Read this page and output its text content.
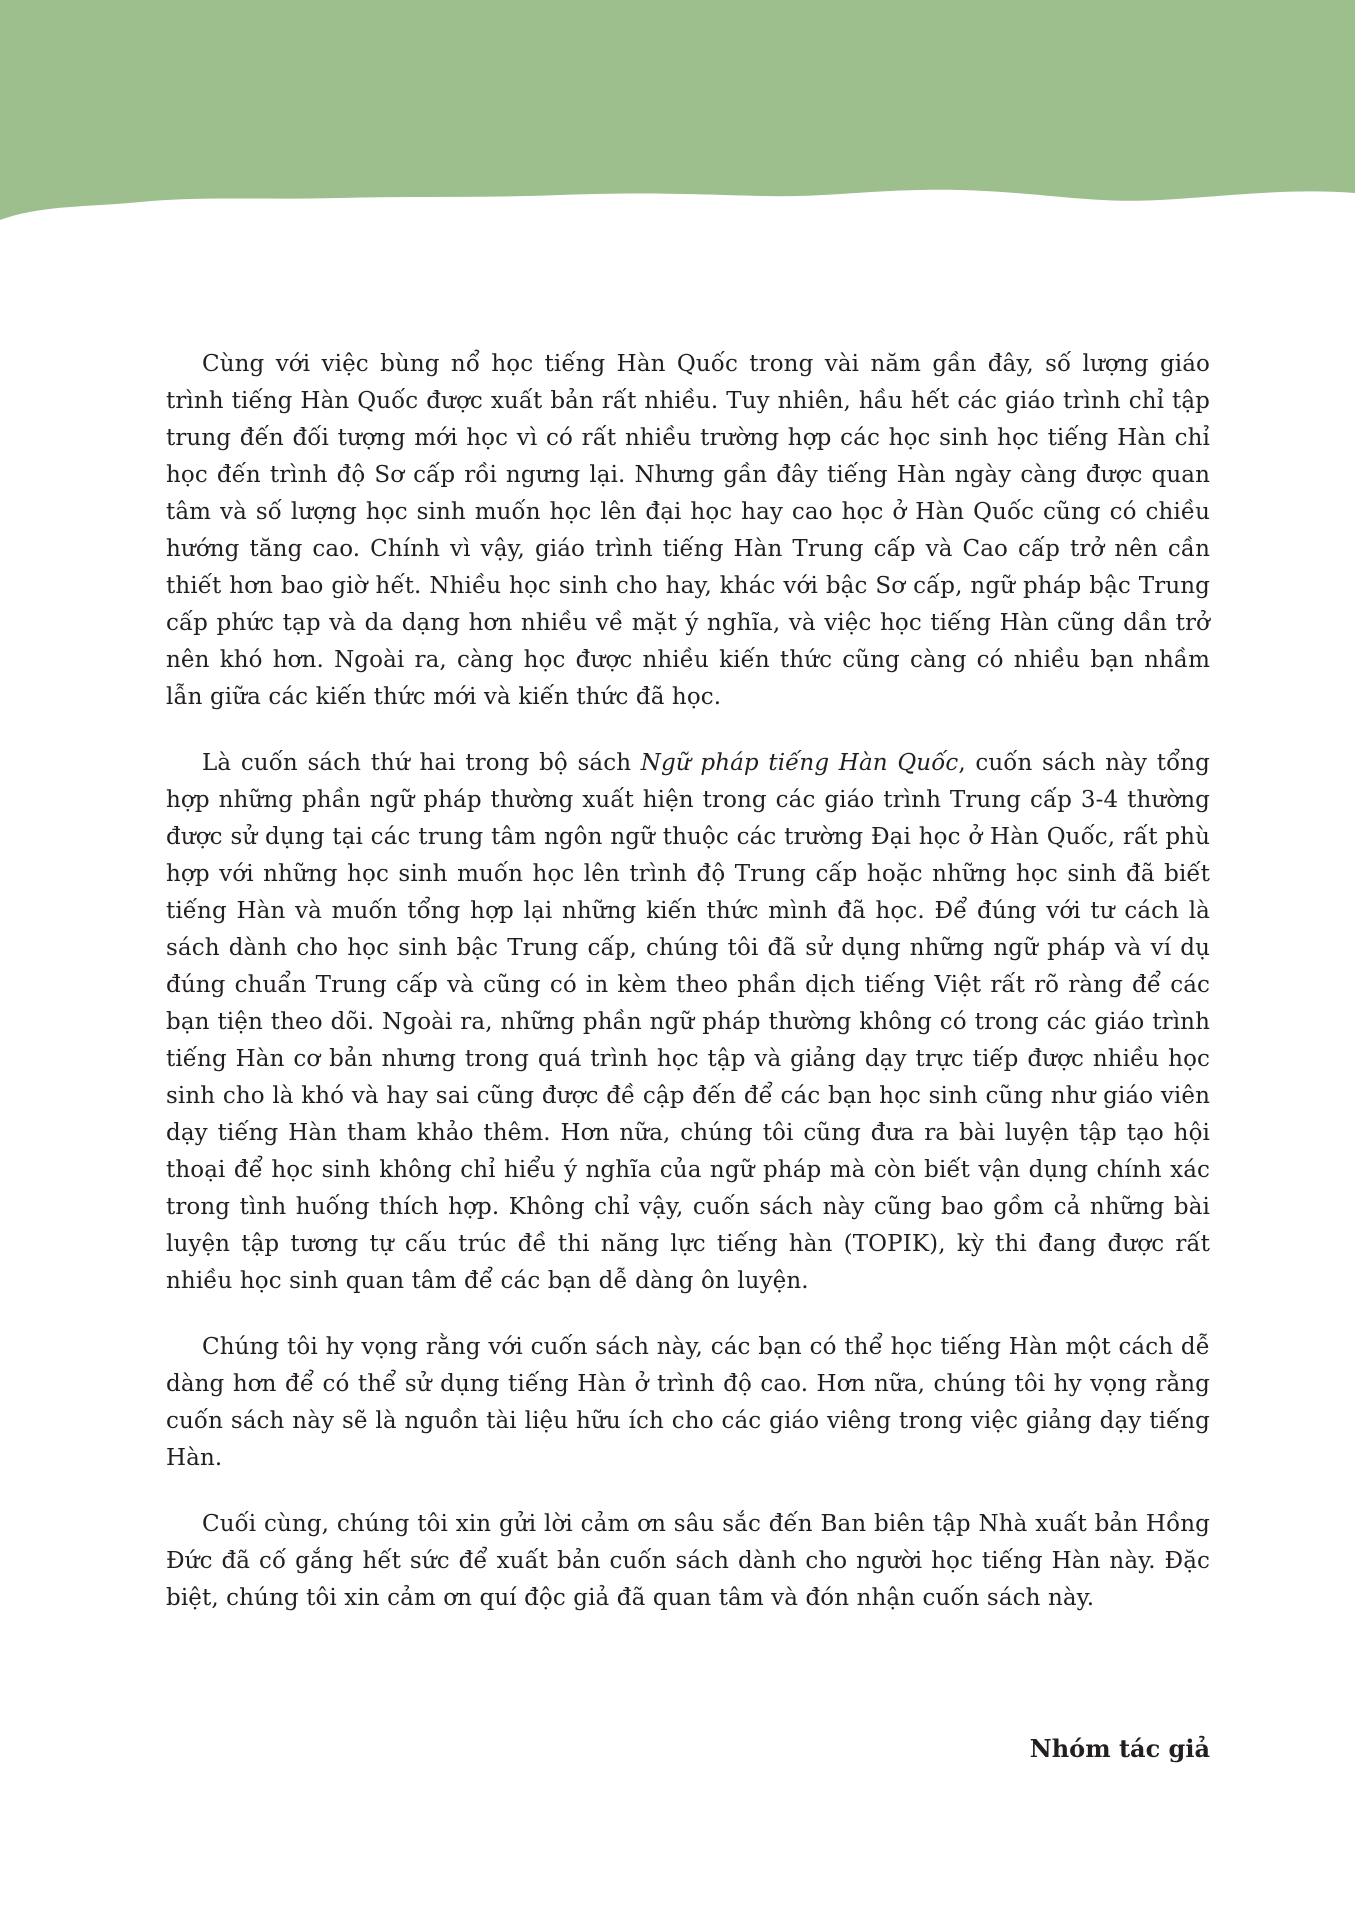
Cùng với việc bùng nổ học tiếng Hàn Quốc trong vài năm gần đây, số lượng giáo trình tiếng Hàn Quốc được xuất bản rất nhiều. Tuy nhiên, hầu hết các giáo trình chỉ tập trung đến đối tượng mới học vì có rất nhiều trường hợp các học sinh học tiếng Hàn chỉ học đến trình độ Sơ cấp rồi ngưng lại. Nhưng gần đây tiếng Hàn ngày càng được quan tâm và số lượng học sinh muốn học lên đại học hay cao học ở Hàn Quốc cũng có chiều hướng tăng cao. Chính vì vậy, giáo trình tiếng Hàn Trung cấp và Cao cấp trở nên cần thiết hơn bao giờ hết. Nhiều học sinh cho hay, khác với bậc Sơ cấp, ngữ pháp bậc Trung cấp phức tạp và da dạng hơn nhiều về mặt ý nghĩa, và việc học tiếng Hàn cũng dần trở nên khó hơn. Ngoài ra, càng học được nhiều kiến thức cũng càng có nhiều bạn nhầm lẫn giữa các kiến thức mới và kiến thức đã học.

Là cuốn sách thứ hai trong bộ sách Ngữ pháp tiếng Hàn Quốc, cuốn sách này tổng hợp những phần ngữ pháp thường xuất hiện trong các giáo trình Trung cấp 3-4 thường được sử dụng tại các trung tâm ngôn ngữ thuộc các trường Đại học ở Hàn Quốc, rất phù hợp với những học sinh muốn học lên trình độ Trung cấp hoặc những học sinh đã biết tiếng Hàn và muốn tổng hợp lại những kiến thức mình đã học. Để đúng với tư cách là sách dành cho học sinh bậc Trung cấp, chúng tôi đã sử dụng những ngữ pháp và ví dụ đúng chuẩn Trung cấp và cũng có in kèm theo phần dịch tiếng Việt rất rõ ràng để các bạn tiện theo dõi. Ngoài ra, những phần ngữ pháp thường không có trong các giáo trình tiếng Hàn cơ bản nhưng trong quá trình học tập và giảng dạy trực tiếp được nhiều học sinh cho là khó và hay sai cũng được đề cập đến để các bạn học sinh cũng như giáo viên dạy tiếng Hàn tham khảo thêm. Hơn nữa, chúng tôi cũng đưa ra bài luyện tập tạo hội thoại để học sinh không chỉ hiểu ý nghĩa của ngữ pháp mà còn biết vận dụng chính xác trong tình huống thích hợp. Không chỉ vậy, cuốn sách này cũng bao gồm cả những bài luyện tập tương tự cấu trúc đề thi năng lực tiếng hàn (TOPIK), kỳ thi đang được rất nhiều học sinh quan tâm để các bạn dễ dàng ôn luyện.

Chúng tôi hy vọng rằng với cuốn sách này, các bạn có thể học tiếng Hàn một cách dễ dàng hơn để có thể sử dụng tiếng Hàn ở trình độ cao. Hơn nữa, chúng tôi hy vọng rằng cuốn sách này sẽ là nguồn tài liệu hữu ích cho các giáo viêng trong việc giảng dạy tiếng Hàn.

Cuối cùng, chúng tôi xin gửi lời cảm ơn sâu sắc đến Ban biên tập Nhà xuất bản Hồng Đức đã cố gắng hết sức để xuất bản cuốn sách dành cho người học tiếng Hàn này. Đặc biệt, chúng tôi xin cảm ơn quí độc giả đã quan tâm và đón nhận cuốn sách này.

Nhóm tác giả
